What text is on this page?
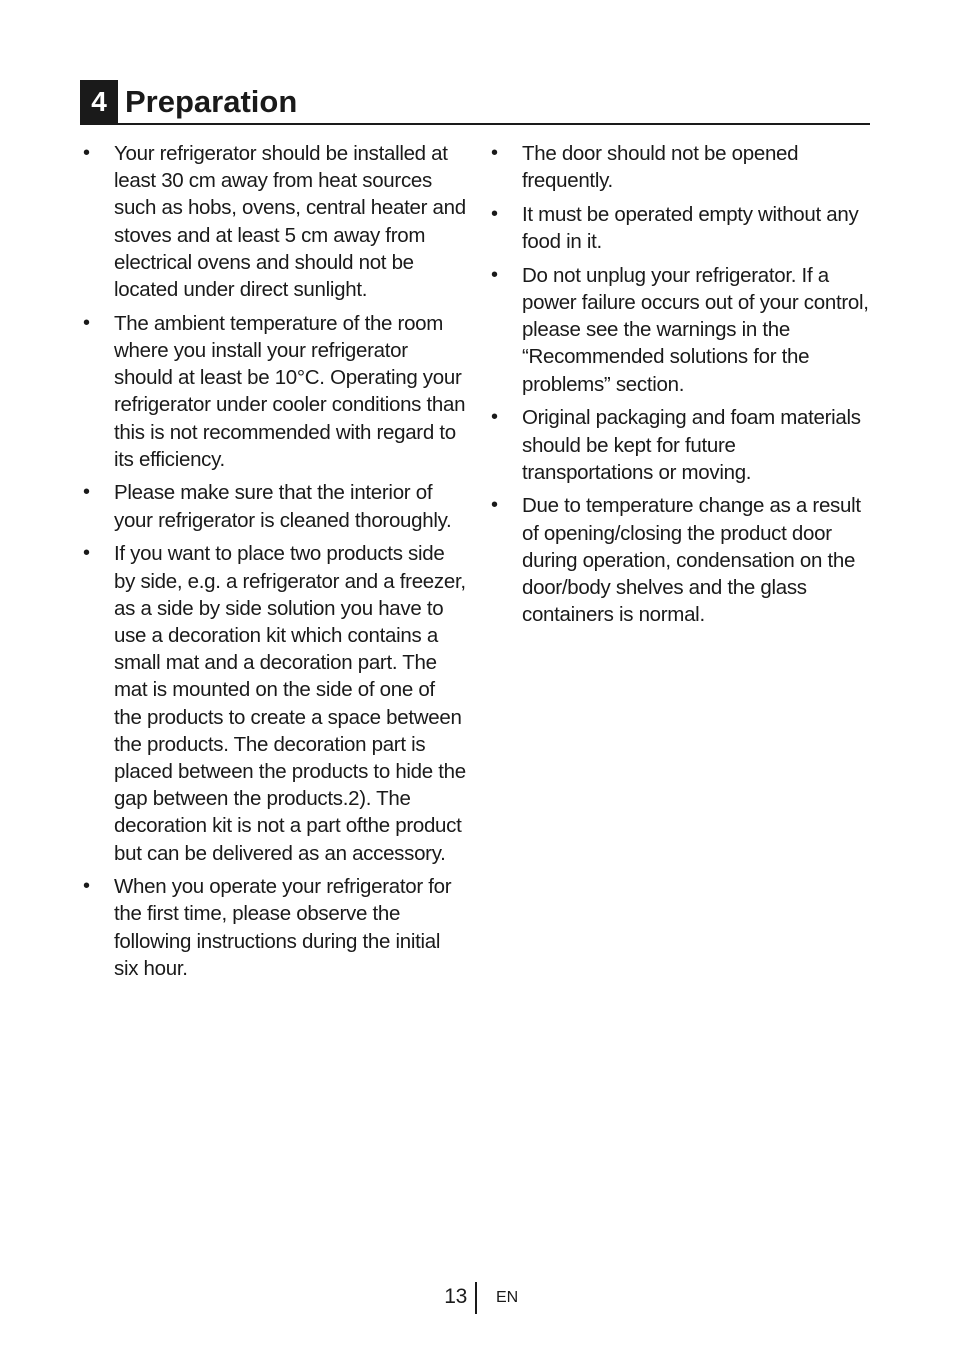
4 Preparation
• Your refrigerator should be installed at least 30 cm away from heat sources such as hobs, ovens, central heater and stoves and at least 5 cm away from electrical ovens and should not be located under direct sunlight.
• The ambient temperature of the room where you install your refrigerator should at least be 10°C. Operating your refrigerator under cooler conditions than this is not recommended with regard to its efficiency.
• Please make sure that the interior of your refrigerator is cleaned thoroughly.
• If you want to place two products side by side, e.g. a refrigerator and a freezer, as a side by side solution you have to use a decoration kit which contains a small mat and a decoration part. The mat is mounted on the side of one of the products to create a space between the products. The decoration part is placed between the products to hide the gap between the products.2). The decoration kit is not a part ofthe product but can be delivered as an accessory.
• When you operate your refrigerator for the first time, please observe the following instructions during the initial six hour.
• The door should not be opened frequently.
• It must be operated empty without any food in it.
• Do not unplug your refrigerator. If a power failure occurs out of your control, please see the warnings in the “Recommended solutions for the problems” section.
• Original packaging and foam materials should be kept for future transportations or moving.
• Due to temperature change as a result of opening/closing the product door during operation, condensation on the door/body shelves and the glass containers is normal.
13 EN
